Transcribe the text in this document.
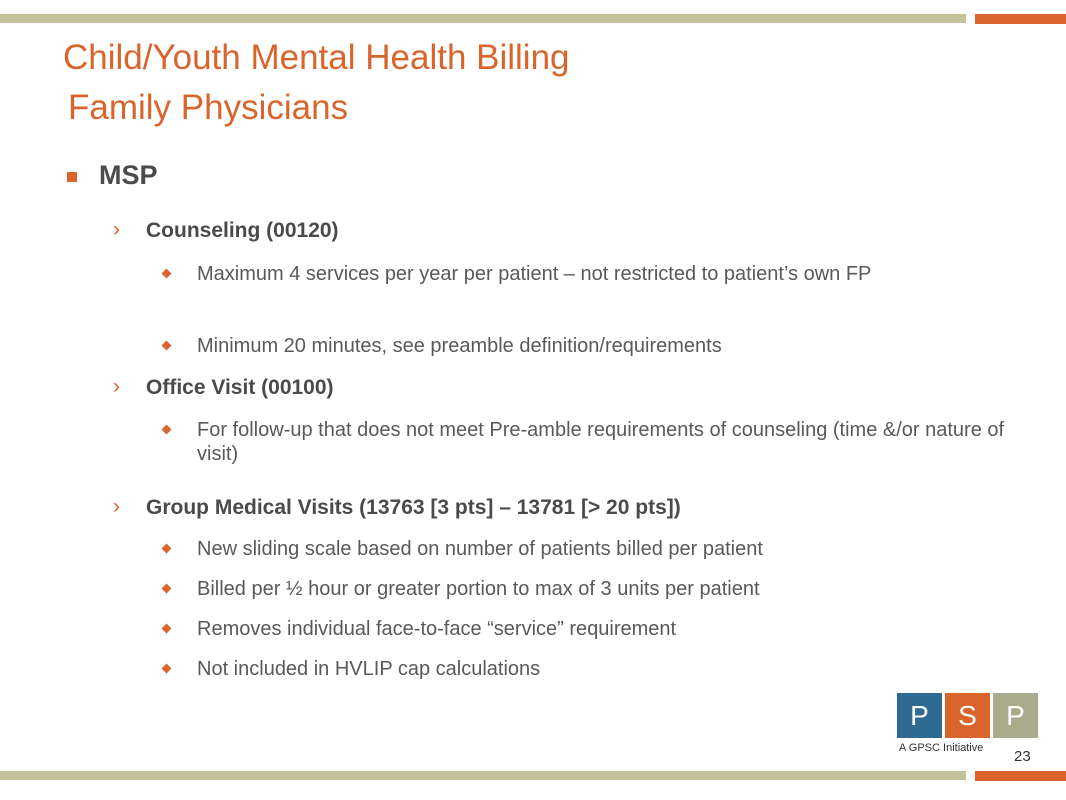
Child/Youth Mental Health Billing
Family Physicians
MSP
› Counseling (00120)
Maximum 4 services per year per patient – not restricted to patient’s own FP
Minimum 20 minutes, see preamble definition/requirements
› Office Visit (00100)
For follow-up that does not meet Pre-amble requirements of counseling (time &/or nature of visit)
› Group Medical Visits (13763 [3 pts] – 13781 [> 20 pts])
New sliding scale based on number of patients billed per patient
Billed per ½ hour or greater portion to max of 3 units per patient
Removes individual face-to-face “service” requirement
Not included in HVLIP cap calculations
P	S	P
A GPSC Initiative 23
